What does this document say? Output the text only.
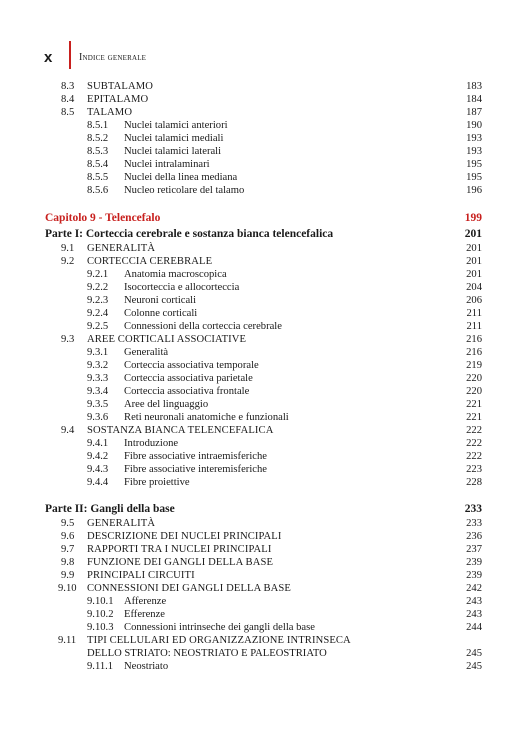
x	Indice generale
8.3 SUBTALAMO	183
8.4 EPITALAMO	184
8.5 TALAMO	187
8.5.1 Nuclei talamici anteriori	190
8.5.2 Nuclei talamici mediali	193
8.5.3 Nuclei talamici laterali	193
8.5.4 Nuclei intralaminari	195
8.5.5 Nuclei della linea mediana	195
8.5.6 Nucleo reticolare del talamo	196
Capitolo 9 - Telencefalo	199
Parte I: Corteccia cerebrale e sostanza bianca telencefalica	201
9.1 GENERALITÀ	201
9.2 CORTECCIA CEREBRALE	201
9.2.1 Anatomia macroscopica	201
9.2.2 Isocorteccia e allocorteccia	204
9.2.3 Neuroni corticali	206
9.2.4 Colonne corticali	211
9.2.5 Connessioni della corteccia cerebrale	211
9.3 AREE CORTICALI ASSOCIATIVE	216
9.3.1 Generalità	216
9.3.2 Corteccia associativa temporale	219
9.3.3 Corteccia associativa parietale	220
9.3.4 Corteccia associativa frontale	220
9.3.5 Aree del linguaggio	221
9.3.6 Reti neuronali anatomiche e funzionali	221
9.4 SOSTANZA BIANCA TELENCEFALICA	222
9.4.1 Introduzione	222
9.4.2 Fibre associative intraemisferiche	222
9.4.3 Fibre associative interemisferiche	223
9.4.4 Fibre proiettive	228
Parte II: Gangli della base	233
9.5 GENERALITÀ	233
9.6 DESCRIZIONE DEI NUCLEI PRINCIPALI	236
9.7 RAPPORTI TRA I NUCLEI PRINCIPALI	237
9.8 FUNZIONE DEI GANGLI DELLA BASE	239
9.9 PRINCIPALI CIRCUITI	239
9.10 CONNESSIONI DEI GANGLI DELLA BASE	242
9.10.1 Afferenze	243
9.10.2 Efferenze	243
9.10.3 Connessioni intrinseche dei gangli della base	244
9.11 TIPI CELLULARI ED ORGANIZZAZIONE INTRINSECA
DELLO STRIATO: NEOSTRIATO E PALEOSTRIATO	245
9.11.1 Neostriato	245
